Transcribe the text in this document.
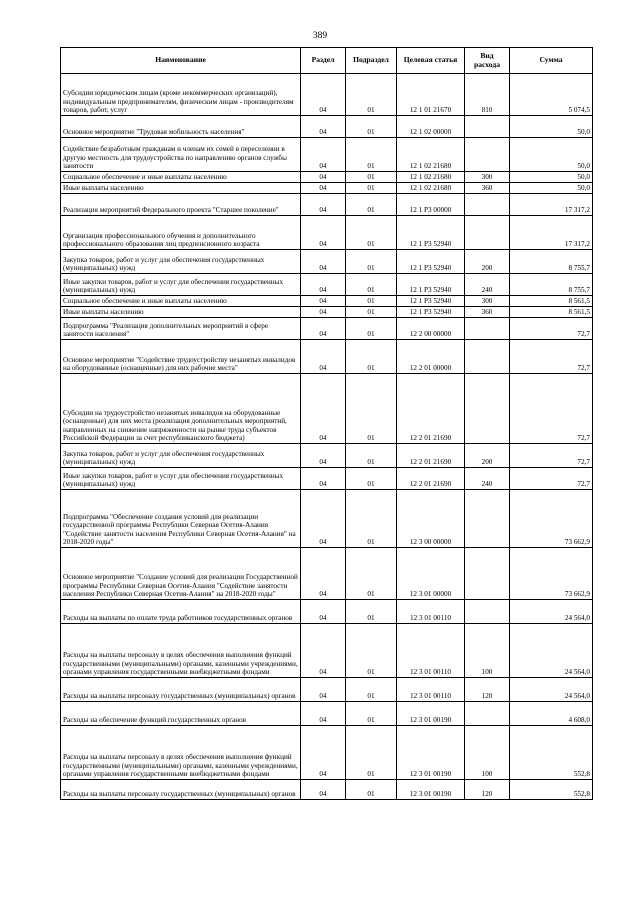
389
Наименование	Раздел	Подраздел	Целевая статья	Вид расхода	Сумма
Субсидии юридическим лицам (кроме некоммерческих организаций), индивидуальным предпринимателям, физическим лицам - производителям товаров, работ, услуг	04	01	12 1 01 21670	810	5 074,5
Основное мероприятие "Трудовая мобильность населения"	04	01	12 1 02 00000		50,0
Содействие безработным гражданам и членам их семей в переселении в другую местность для трудоустройства по направлению органов службы занятости	04	01	12 1 02 21680		50,0
Социальное обеспечение и иные выплаты населению	04	01	12 1 02 21680	300	50,0
Иные выплаты населению	04	01	12 1 02 21680	360	50,0
Реализация мероприятий Федерального проекта "Старшее поколение"	04	01	12 1 P3 00000		17 317,2
Организация профессионального обучения и дополнительного профессионального образования лиц предпенсионного возраста	04	01	12 1 P3 52940		17 317,2
Закупка товаров, работ и услуг для обеспечения государственных (муниципальных) нужд	04	01	12 1 P3 52940	200	8 755,7
Иные закупки товаров, работ и услуг для обеспечения государственных (муниципальных) нужд	04	01	12 1 P3 52940	240	8 755,7
Социальное обеспечение и иные выплаты населению	04	01	12 1 P3 52940	300	8 561,5
Иные выплаты населению	04	01	12 1 P3 52940	360	8 561,5
Подпрограмма "Реализация дополнительных мероприятий в сфере занятости населения"	04	01	12 2 00 00000		72,7
Основное мероприятие "Содействие трудоустройству незанятых инвалидов на оборудованные (оснащенные) для них рабочие места"	04	01	12 2 01 00000		72,7
Субсидии на трудоустройство незанятых инвалидов на оборудованные (оснащенные) для них места (реализация дополнительных мероприятий, направленных на снижение напряженности на рынке труда субъектов Российской Федерации за счет республиканского бюджета)	04	01	12 2 01 21690		72,7
Закупка товаров, работ и услуг для обеспечения государственных (муниципальных) нужд	04	01	12 2 01 21690	200	72,7
Иные закупки товаров, работ и услуг для обеспечения государственных (муниципальных) нужд	04	01	12 2 01 21690	240	72,7
Подпрограмма "Обеспечение создания условий для реализации государственной программы Республики Северная Осетия-Алания "Содействие занятости населения Республики Северная Осетия-Алания" на 2018-2020 годы"	04	01	12 3 00 00000		73 662,9
Основное мероприятие "Создание условий для реализации Государственной программы Республики Северная Осетия-Алания "Содействие занятости населения Республики Северная Осетия-Алания" на 2018-2020 годы"	04	01	12 3 01 00000		73 662,9
Расходы на выплаты по оплате труда работников государственных органов	04	01	12 3 01 00110		24 564,0
Расходы на выплаты персоналу в целях обеспечения выполнения функций государственными (муниципальными) органами, казенными учреждениями, органами управления государственными внебюджетными фондами	04	01	12 3 01 00110	100	24 564,0
Расходы на выплаты персоналу государственных (муниципальных) органов	04	01	12 3 01 00110	120	24 564,0
Расходы на обеспечение функций государственных органов	04	01	12 3 01 00190		4 608,0
Расходы на выплаты персоналу в целях обеспечения выполнения функций государственными (муниципальными) органами, казенными учреждениями, органами управления государственными внебюджетными фондами	04	01	12 3 01 00190	100	552,8
Расходы на выплаты персоналу государственных (муниципальных) органов	04	01	12 3 01 00190	120	552,8
